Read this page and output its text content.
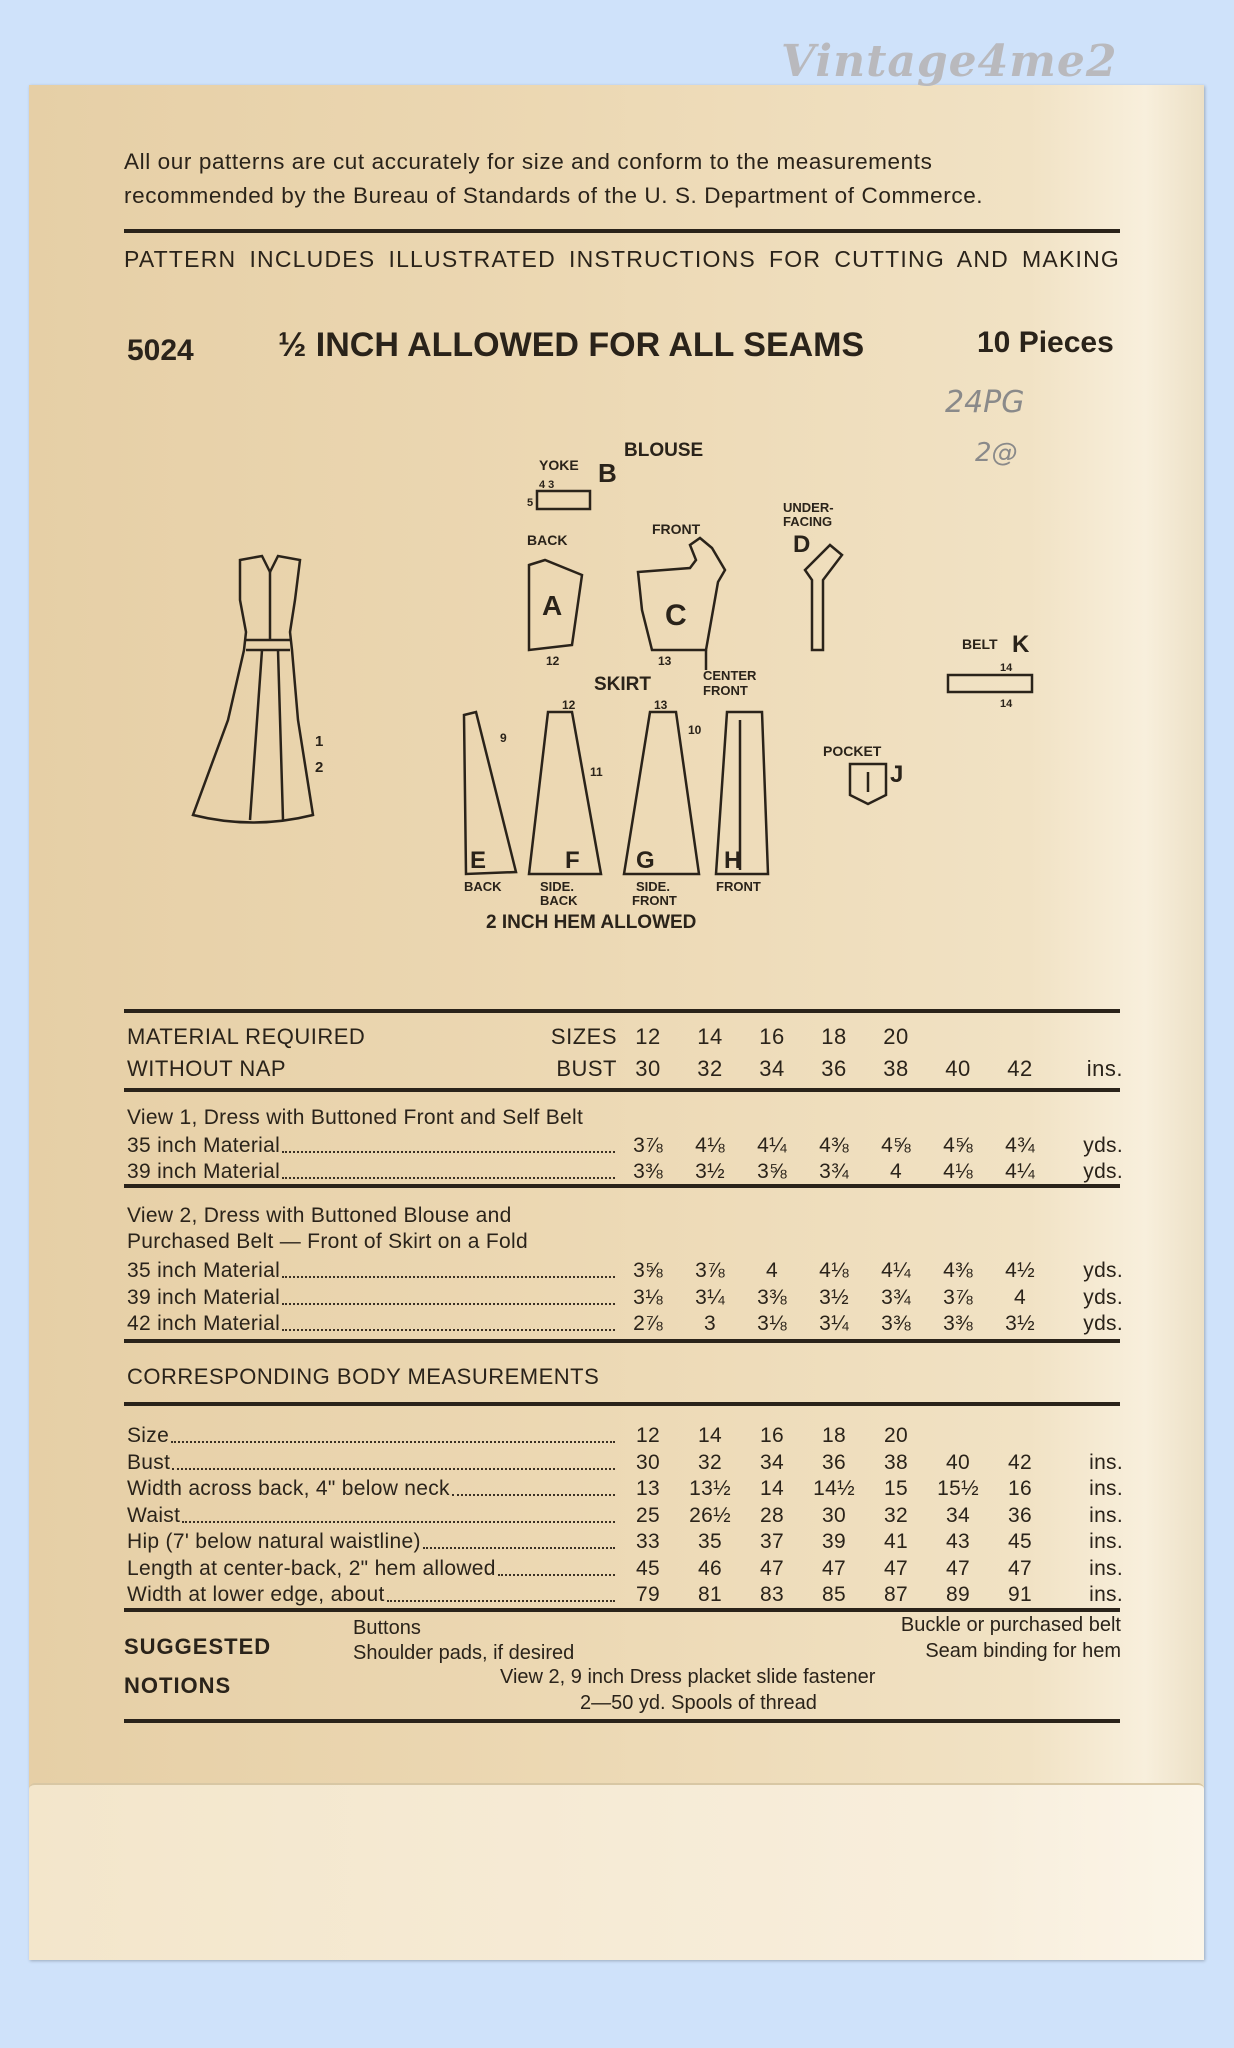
Vintage4me2
All our patterns are cut accurately for size and conform to the measurements
recommended by the Bureau of Standards of the U. S. Department of Commerce.
PATTERN INCLUDES ILLUSTRATED INSTRUCTIONS FOR CUTTING AND MAKING
5024 ½ INCH ALLOWED FOR ALL SEAMS	10 Pieces
24PG
2@
1
2
BLOUSE
YOKE B
4 3
5
BACK
A
12
FRONT
C
13
UNDER-
FACING
D
CENTER
FRONT
SKIRT
E	F G	H
12	13
9
10
11
BACK	SIDE.
BACK
SIDE.
FRONT
FRONT
2 INCH HEM ALLOWED
BELT K
14
14
POCKET
J
MATERIAL REQUIRED	SIZES 12	14	16	18	20
WITHOUT NAP	BUST 30	32	34	36	38	40	42	ins.
View 1, Dress with Buttoned Front and Self Belt
35 inch Material	3⅞	4⅛	4¼	4⅜	4⅝	4⅝	4¾	yds.
39 inch Material	3⅜	3½	3⅝	3¾	4	4⅛	4¼	yds.
View 2, Dress with Buttoned Blouse and
Purchased Belt — Front of Skirt on a Fold
35 inch Material	3⅝	3⅞	4	4⅛	4¼	4⅜	4½	yds.
39 inch Material	3⅛	3¼	3⅜	3½	3¾	3⅞	4	yds.
42 inch Material	2⅞	3	3⅛	3¼	3⅜	3⅜	3½	yds.
CORRESPONDING BODY MEASUREMENTS
Size	12	14	16	18	20
Bust	30	32	34	36	38	40	42	ins.
Width across back, 4" below neck	13	13½	14	14½	15	15½	16	ins.
Waist	25	26½	28	30	32	34	36	ins.
Hip (7' below natural waistline)	33	35	37	39	41	43	45	ins.
Length at center-back, 2" hem allowed	45	46	47	47	47	47	47	ins.
Width at lower edge, about	79	81	83	85	87	89	91	ins.
SUGGESTED
NOTIONS
Buttons
Shoulder pads, if desired
Buckle or purchased belt
Seam binding for hem
View 2, 9 inch Dress placket slide fastener
2—50 yd. Spools of thread
